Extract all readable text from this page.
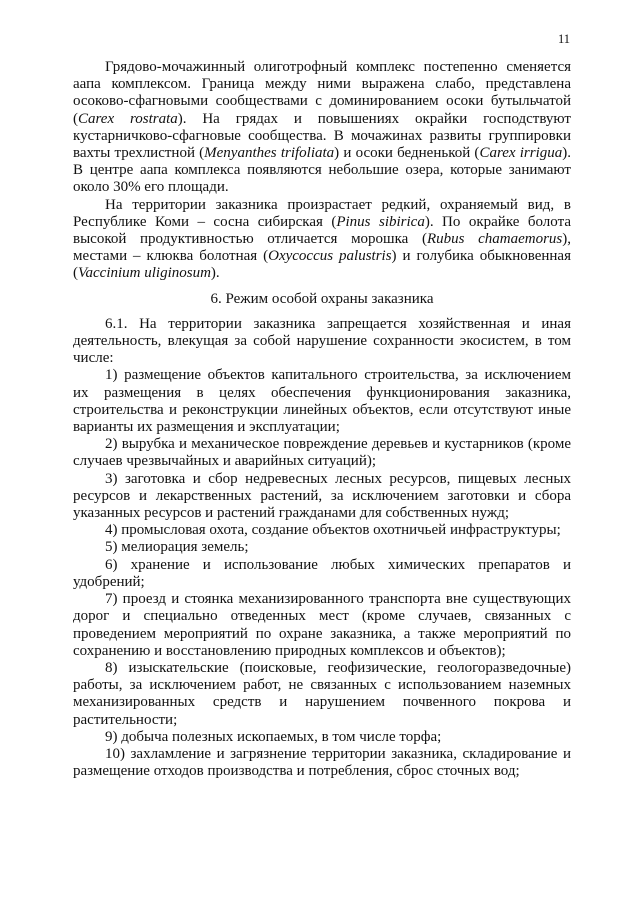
11

Грядово-мочажинный олиготрофный комплекс постепенно сменяется аапа комплексом. Граница между ними выражена слабо, представлена осоково-сфагновыми сообществами с доминированием осоки бутыльчатой (Carex rostrata). На грядах и повышениях окрайки господствуют кустарничково-сфагновые сообщества. В мочажинах развиты группировки вахты трехлистной (Menyanthes trifoliata) и осоки бедненькой (Carex irrigua). В центре аапа комплекса появляются небольшие озера, которые занимают около 30% его площади.

На территории заказника произрастает редкий, охраняемый вид, в Республике Коми – сосна сибирская (Pinus sibirica). По окрайке болота высокой продуктивностью отличается морошка (Rubus chamaemorus), местами – клюква болотная (Oxycoccus palustris) и голубика обыкновенная (Vaccinium uliginosum).

6. Режим особой охраны заказника

6.1. На территории заказника запрещается хозяйственная и иная деятельность, влекущая за собой нарушение сохранности экосистем, в том числе:

1) размещение объектов капитального строительства, за исключением их размещения в целях обеспечения функционирования заказника, строительства и реконструкции линейных объектов, если отсутствуют иные варианты их размещения и эксплуатации;

2) вырубка и механическое повреждение деревьев и кустарников (кроме случаев чрезвычайных и аварийных ситуаций);

3) заготовка и сбор недревесных лесных ресурсов, пищевых лесных ресурсов и лекарственных растений, за исключением заготовки и сбора указанных ресурсов и растений гражданами для собственных нужд;

4) промысловая охота, создание объектов охотничьей инфраструктуры;

5) мелиорация земель;

6) хранение и использование любых химических препаратов и удобрений;

7) проезд и стоянка механизированного транспорта вне существующих дорог и специально отведенных мест (кроме случаев, связанных с проведением мероприятий по охране заказника, а также мероприятий по сохранению и восстановлению природных комплексов и объектов);

8) изыскательские (поисковые, геофизические, геологоразведочные) работы, за исключением работ, не связанных с использованием наземных механизированных средств и нарушением почвенного покрова и растительности;

9) добыча полезных ископаемых, в том числе торфа;

10) захламление и загрязнение территории заказника, складирование и размещение отходов производства и потребления, сброс сточных вод;
